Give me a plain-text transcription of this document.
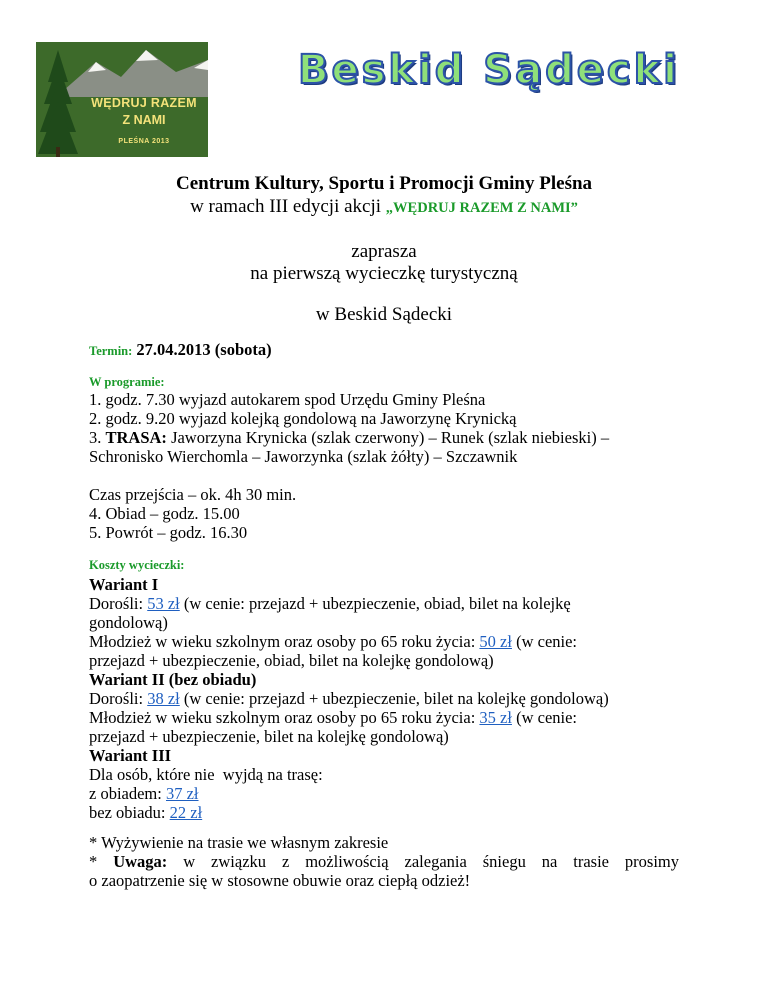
WĘDRUJ RAZEM
Z NAMI
PLEŚNA 2013
Beskid Sądecki
Centrum Kultury, Sportu i Promocji Gminy Pleśna
w ramach III edycji akcji „WĘDRUJ RAZEM Z NAMI”
zaprasza
na pierwszą wycieczkę turystyczną
w Beskid Sądecki
Termin: 27.04.2013 (sobota)
W programie:
1. godz. 7.30 wyjazd autokarem spod Urzędu Gminy Pleśna
2. godz. 9.20 wyjazd kolejką gondolową na Jaworzynę Krynicką
3. TRASA: Jaworzyna Krynicka (szlak czerwony) – Runek (szlak niebieski) –
Schronisko Wierchomla – Jaworzynka (szlak żółty) – Szczawnik
Czas przejścia – ok. 4h 30 min.
4. Obiad – godz. 15.00
5. Powrót – godz. 16.30
Koszty wycieczki:
Wariant I
Dorośli: 53 zł (w cenie: przejazd + ubezpieczenie, obiad, bilet na kolejkę
gondolową)
Młodzież w wieku szkolnym oraz osoby po 65 roku życia: 50 zł (w cenie:
przejazd + ubezpieczenie, obiad, bilet na kolejkę gondolową)
Wariant II (bez obiadu)
Dorośli: 38 zł (w cenie: przejazd + ubezpieczenie, bilet na kolejkę gondolową)
Młodzież w wieku szkolnym oraz osoby po 65 roku życia: 35 zł (w cenie:
przejazd + ubezpieczenie, bilet na kolejkę gondolową)
Wariant III
Dla osób, które nie  wyjdą na trasę:
z obiadem: 37 zł
bez obiadu: 22 zł
* Wyżywienie na trasie we własnym zakresie
* Uwaga: w związku z możliwością zalegania śniegu na trasie prosimy
o zaopatrzenie się w stosowne obuwie oraz ciepłą odzież!
